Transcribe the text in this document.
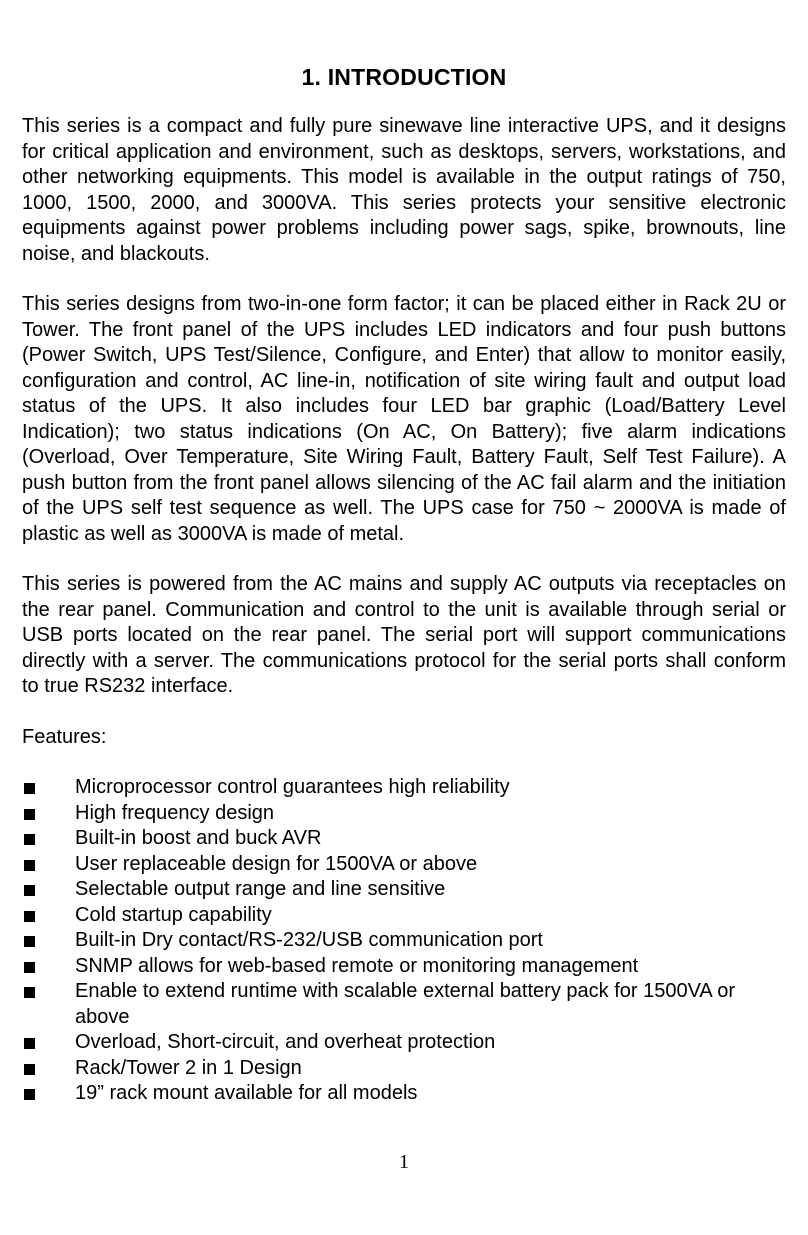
1. INTRODUCTION

This series is a compact and fully pure sinewave line interactive UPS, and it designs for critical application and environment, such as desktops, servers, workstations, and other networking equipments. This model is available in the output ratings of 750, 1000, 1500, 2000, and 3000VA. This series protects your sensitive electronic equipments against power problems including power sags, spike, brownouts, line noise, and blackouts.

This series designs from two-in-one form factor; it can be placed either in Rack 2U or Tower. The front panel of the UPS includes LED indicators and four push buttons (Power Switch, UPS Test/Silence, Configure, and Enter) that allow to monitor easily, configuration and control, AC line-in, notification of site wiring fault and output load status of the UPS. It also includes four LED bar graphic (Load/Battery Level Indication); two status indications (On AC, On Battery); five alarm indications (Overload, Over Temperature, Site Wiring Fault, Battery Fault, Self Test Failure). A push button from the front panel allows silencing of the AC fail alarm and the initiation of the UPS self test sequence as well. The UPS case for 750 ~ 2000VA is made of plastic as well as 3000VA is made of metal.

This series is powered from the AC mains and supply AC outputs via receptacles on the rear panel. Communication and control to the unit is available through serial or USB ports located on the rear panel. The serial port will support communications directly with a server. The communications protocol for the serial ports shall conform to true RS232 interface.

Features:

Microprocessor control guarantees high reliability
High frequency design
Built-in boost and buck AVR
User replaceable design for 1500VA or above
Selectable output range and line sensitive
Cold startup capability
Built-in Dry contact/RS-232/USB communication port
SNMP allows for web-based remote or monitoring management
Enable to extend runtime with scalable external battery pack for 1500VA or above
Overload, Short-circuit, and overheat protection
Rack/Tower 2 in 1 Design
19” rack mount available for all models
1
